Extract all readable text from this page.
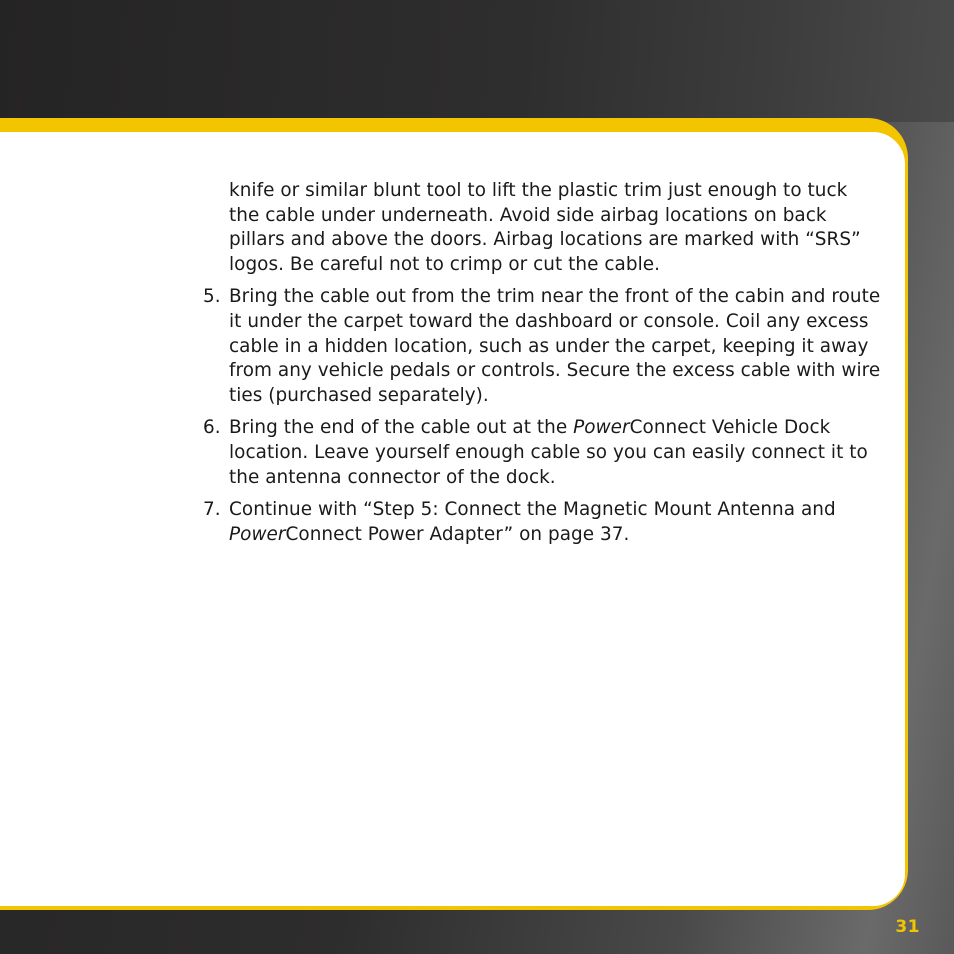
knife or similar blunt tool to lift the plastic trim just enough to tuck the cable under underneath. Avoid side airbag locations on back pillars and above the doors. Airbag locations are marked with “SRS” logos. Be careful not to crimp or cut the cable.

5. Bring the cable out from the trim near the front of the cabin and route it under the carpet toward the dashboard or console. Coil any excess cable in a hidden location, such as under the carpet, keeping it away from any vehicle pedals or controls. Secure the excess cable with wire ties (purchased separately).

6. Bring the end of the cable out at the PowerConnect Vehicle Dock location. Leave yourself enough cable so you can easily connect it to the antenna connector of the dock.

7. Continue with “Step 5: Connect the Magnetic Mount Antenna and PowerConnect Power Adapter” on page 37.

31
